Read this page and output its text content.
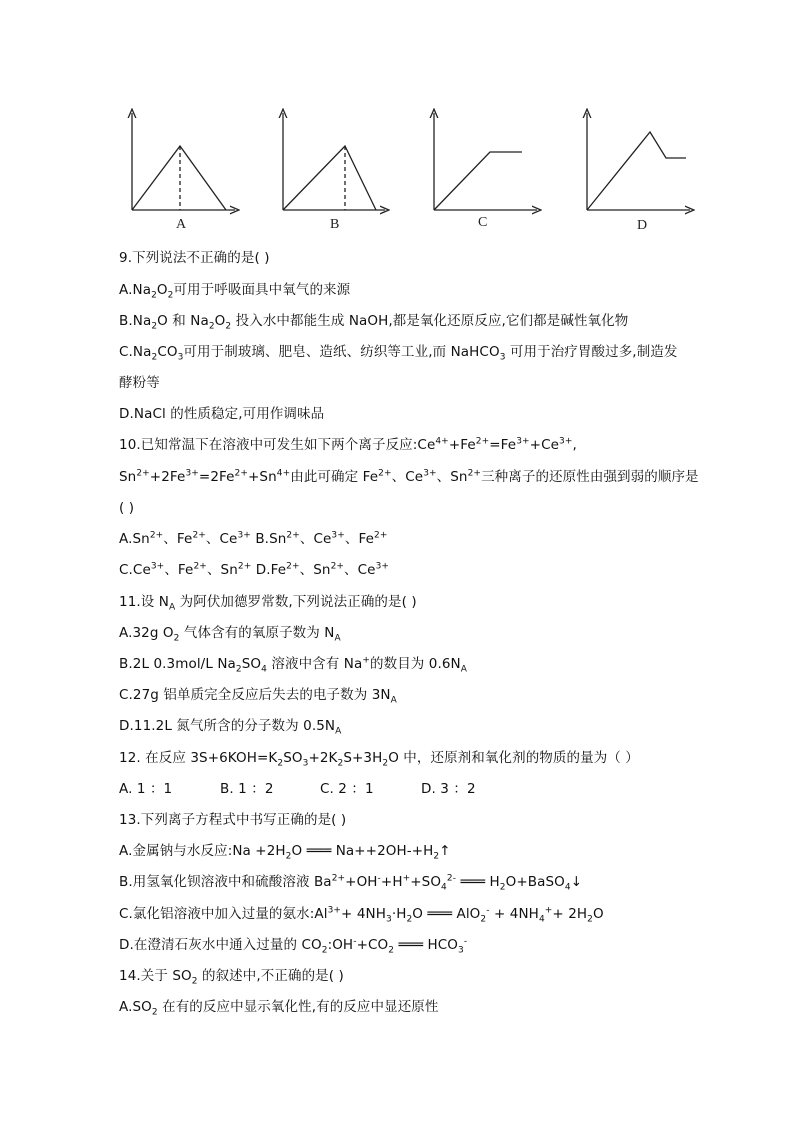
A	B	C	D
9.下列说法不正确的是( )
$A.Na_2O_2$可用于呼吸面具中氧气的来源
$B.Na_2O$ 和 $Na_2O_2$ 投入水中都能生成 NaOH,都是氧化还原反应,它们都是碱性氧化物
$C.Na_2CO_3$可用于制玻璃、肥皂、造纸、纺织等工业,而 NaHCO$_3$ 可用于治疗胃酸过多,制造发
酵粉等
D.NaCl 的性质稳定,可用作调味品
10.已知常温下在溶液中可发生如下两个离子反应$:Ce^{4+}+Fe^{2+}=Fe^{3+}+Ce^{3+}$,
$Sn^{2+}+2Fe^{3+}=2Fe^{2+}+Sn^{4+}$由此可确定 $Fe^{2+}$、$Ce^{3+}$、$Sn^{2+}$三种离子的还原性由强到弱的顺序是
( )
$A.Sn^{2+}$、$Fe^{2+}$、$Ce^{3+}$ $B.Sn^{2+}$、$Ce^{3+}$、$Fe^{2+}$
$C.Ce^{3+}$、$Fe^{2+}$、$Sn^{2+}$ $D.Fe^{2+}$、$Sn^{2+}$、$Ce^{3+}$
11.设 $N_A$ 为阿伏加德罗常数,下列说法正确的是( )
A.32g $O_2$ 气体含有的氧原子数为 $N_A$
B.2L 0.3mol/L $Na_2SO_4$ 溶液中含有 Na+的数目为 $0.6N_A$
C.27g 铝单质完全反应后失去的电子数为 $3N_A$
D.11.2L 氮气所含的分子数为 $0.5N_A$
12. 在反应 $3S+6KOH=K_2SO_3+2K_2S+3H_2O$ 中，还原剂和氧化剂的物质的量为（ ）
A. 1 ：1	B. 1 ：2	C. 2 ：1	D. 3 ：2
13.下列离子方程式中书写正确的是( )
A.金属钠与水反应:Na $+2H_2O$ ═══ $Na++2OH-+H_2↑$
B.用氢氧化钡溶液中和硫酸溶液 $Ba^{2+}+OH^-+H^++SO_4^{2-}$ ═══ $H_2O+BaSO_4↓$
C.氯化铝溶液中加入过量的氨水$:Al^{3+}+ 4NH_3\cdot H_2O$ ═══ $AlO_2^- + 4NH_4^++ 2H_2O$
D.在澄清石灰水中通入过量的 $CO_2:OH^-+CO_2$ ═══ $HCO_3^-$
14.关于 $SO_2$ 的叙述中,不正确的是( )
$A.SO_2$ 在有的反应中显示氧化性,有的反应中显还原性
